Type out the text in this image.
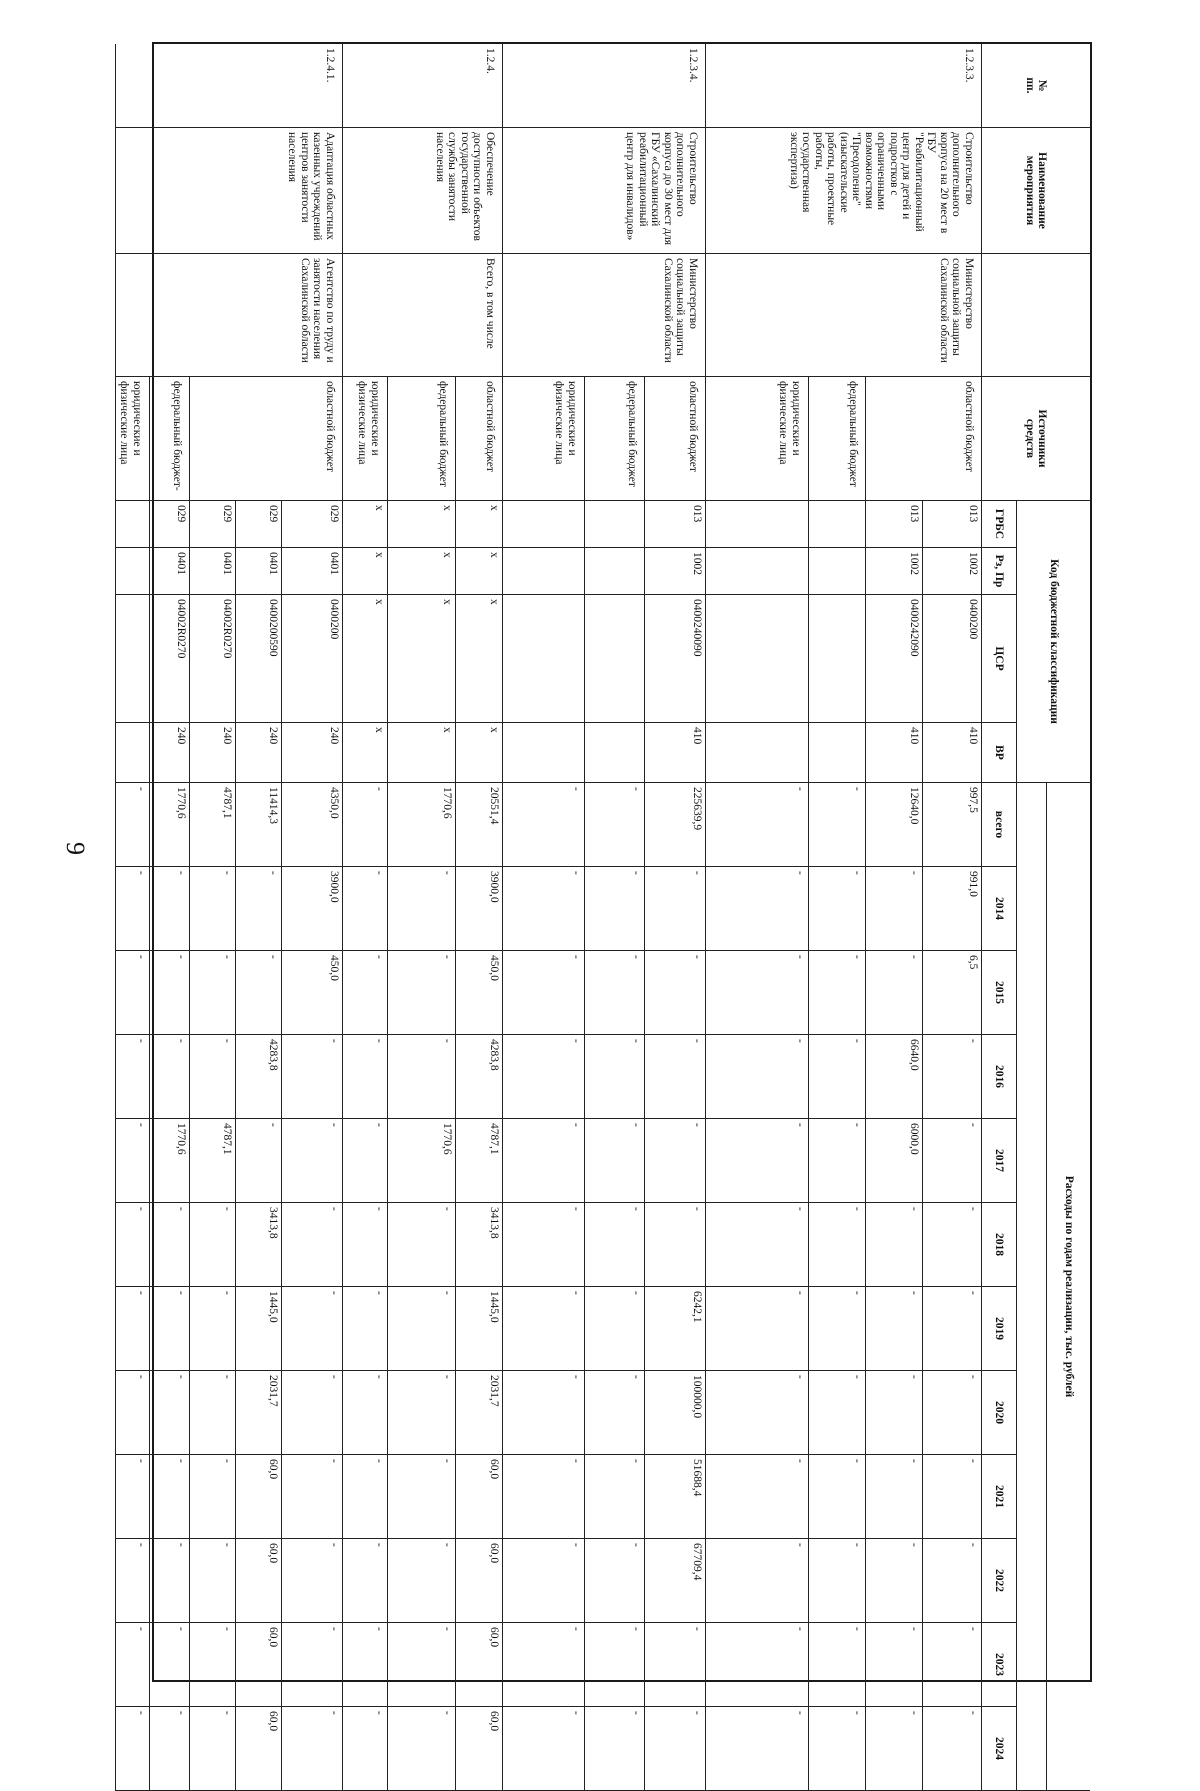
9
№
пп.
Наименование
мероприятия
Источники
средств
Код бюджетной классификации
Расходы по годам реализации, тыс. рублей
ГРБС
Рз, Пр
ЦСР
ВР
всего
2014
2015
2016
2017
2018
2019
2020
2021
2022
2023
2024
1.2.3.3.
Строительство дополнительного корпуса на 20 мест в ГБУ "Реабилитационный центр для детей и подростков с ограниченными возможностями "Преодоление" (изыскательские работы, проектные работы, государственная экспертиза)
Министерство социальной защиты Сахалинской области
1.2.3.4.
Строительство дополнительного корпуса до 30 мест для ГБУ «Сахалинский реабилитационный центр для инвалидов»
Министерство социальной защиты Сахалинской области
1.2.4.
Обеспечение доступности объектов государственной службы занятости населения
Всего, в том числе
1.2.4.1.
Адаптация областных казенных учреждений центров занятости населения
Агентство по труду и занятости населения Сахалинской области
областной бюджет
013
1002
0400200
410
997,5
991,0
6,5
-
-
-
-
-
-
-
-
-
013
1002
0400242090
410
12640,0
-
-
6640,0
6000,0
-
-
-
-
-
-
-
федеральный бюджет
-
-
-
-
-
-
-
-
-
-
-
-
юридические и физические лица
-
-
-
-
-
-
-
-
-
-
-
-
областной бюджет
013
1002
0400240090
410
225639,9
-
-
-
-
-
6242,1
100000,0
51688,4
67709,4
-
-
федеральный бюджет
-
-
-
-
-
-
-
-
-
-
-
-
юридические и физические лица
-
-
-
-
-
-
-
-
-
-
-
-
областной бюджет
x
x
x
x
20551,4
3900,0
450,0
4283,8
4787,1
3413,8
1445,0
2031,7
60,0
60,0
60,0
60,0
федеральный бюджет
x
x
x
x
1770,6
-
-
-
1770,6
-
-
-
-
-
-
-
юридические и физические лица
x
x
x
x
-
-
-
-
-
-
-
-
-
-
-
-
областной бюджет
029
0401
0400200
240
4350,0
3900,0
450,0
-
-
-
-
-
-
-
-
-
029
0401
0400200590
240
11414,3
-
-
4283,8
-
3413,8
1445,0
2031,7
60,0
60,0
60,0
60,0
029
0401
04002R0270
240
4787,1
-
-
-
4787,1
-
-
-
-
-
-
-
федеральный бюджет-
029
0401
04002R0270
240
1770,6
-
-
-
1770,6
-
-
-
-
-
-
-
юридические и физические лица
-
-
-
-
-
-
-
-
-
-
-
-
